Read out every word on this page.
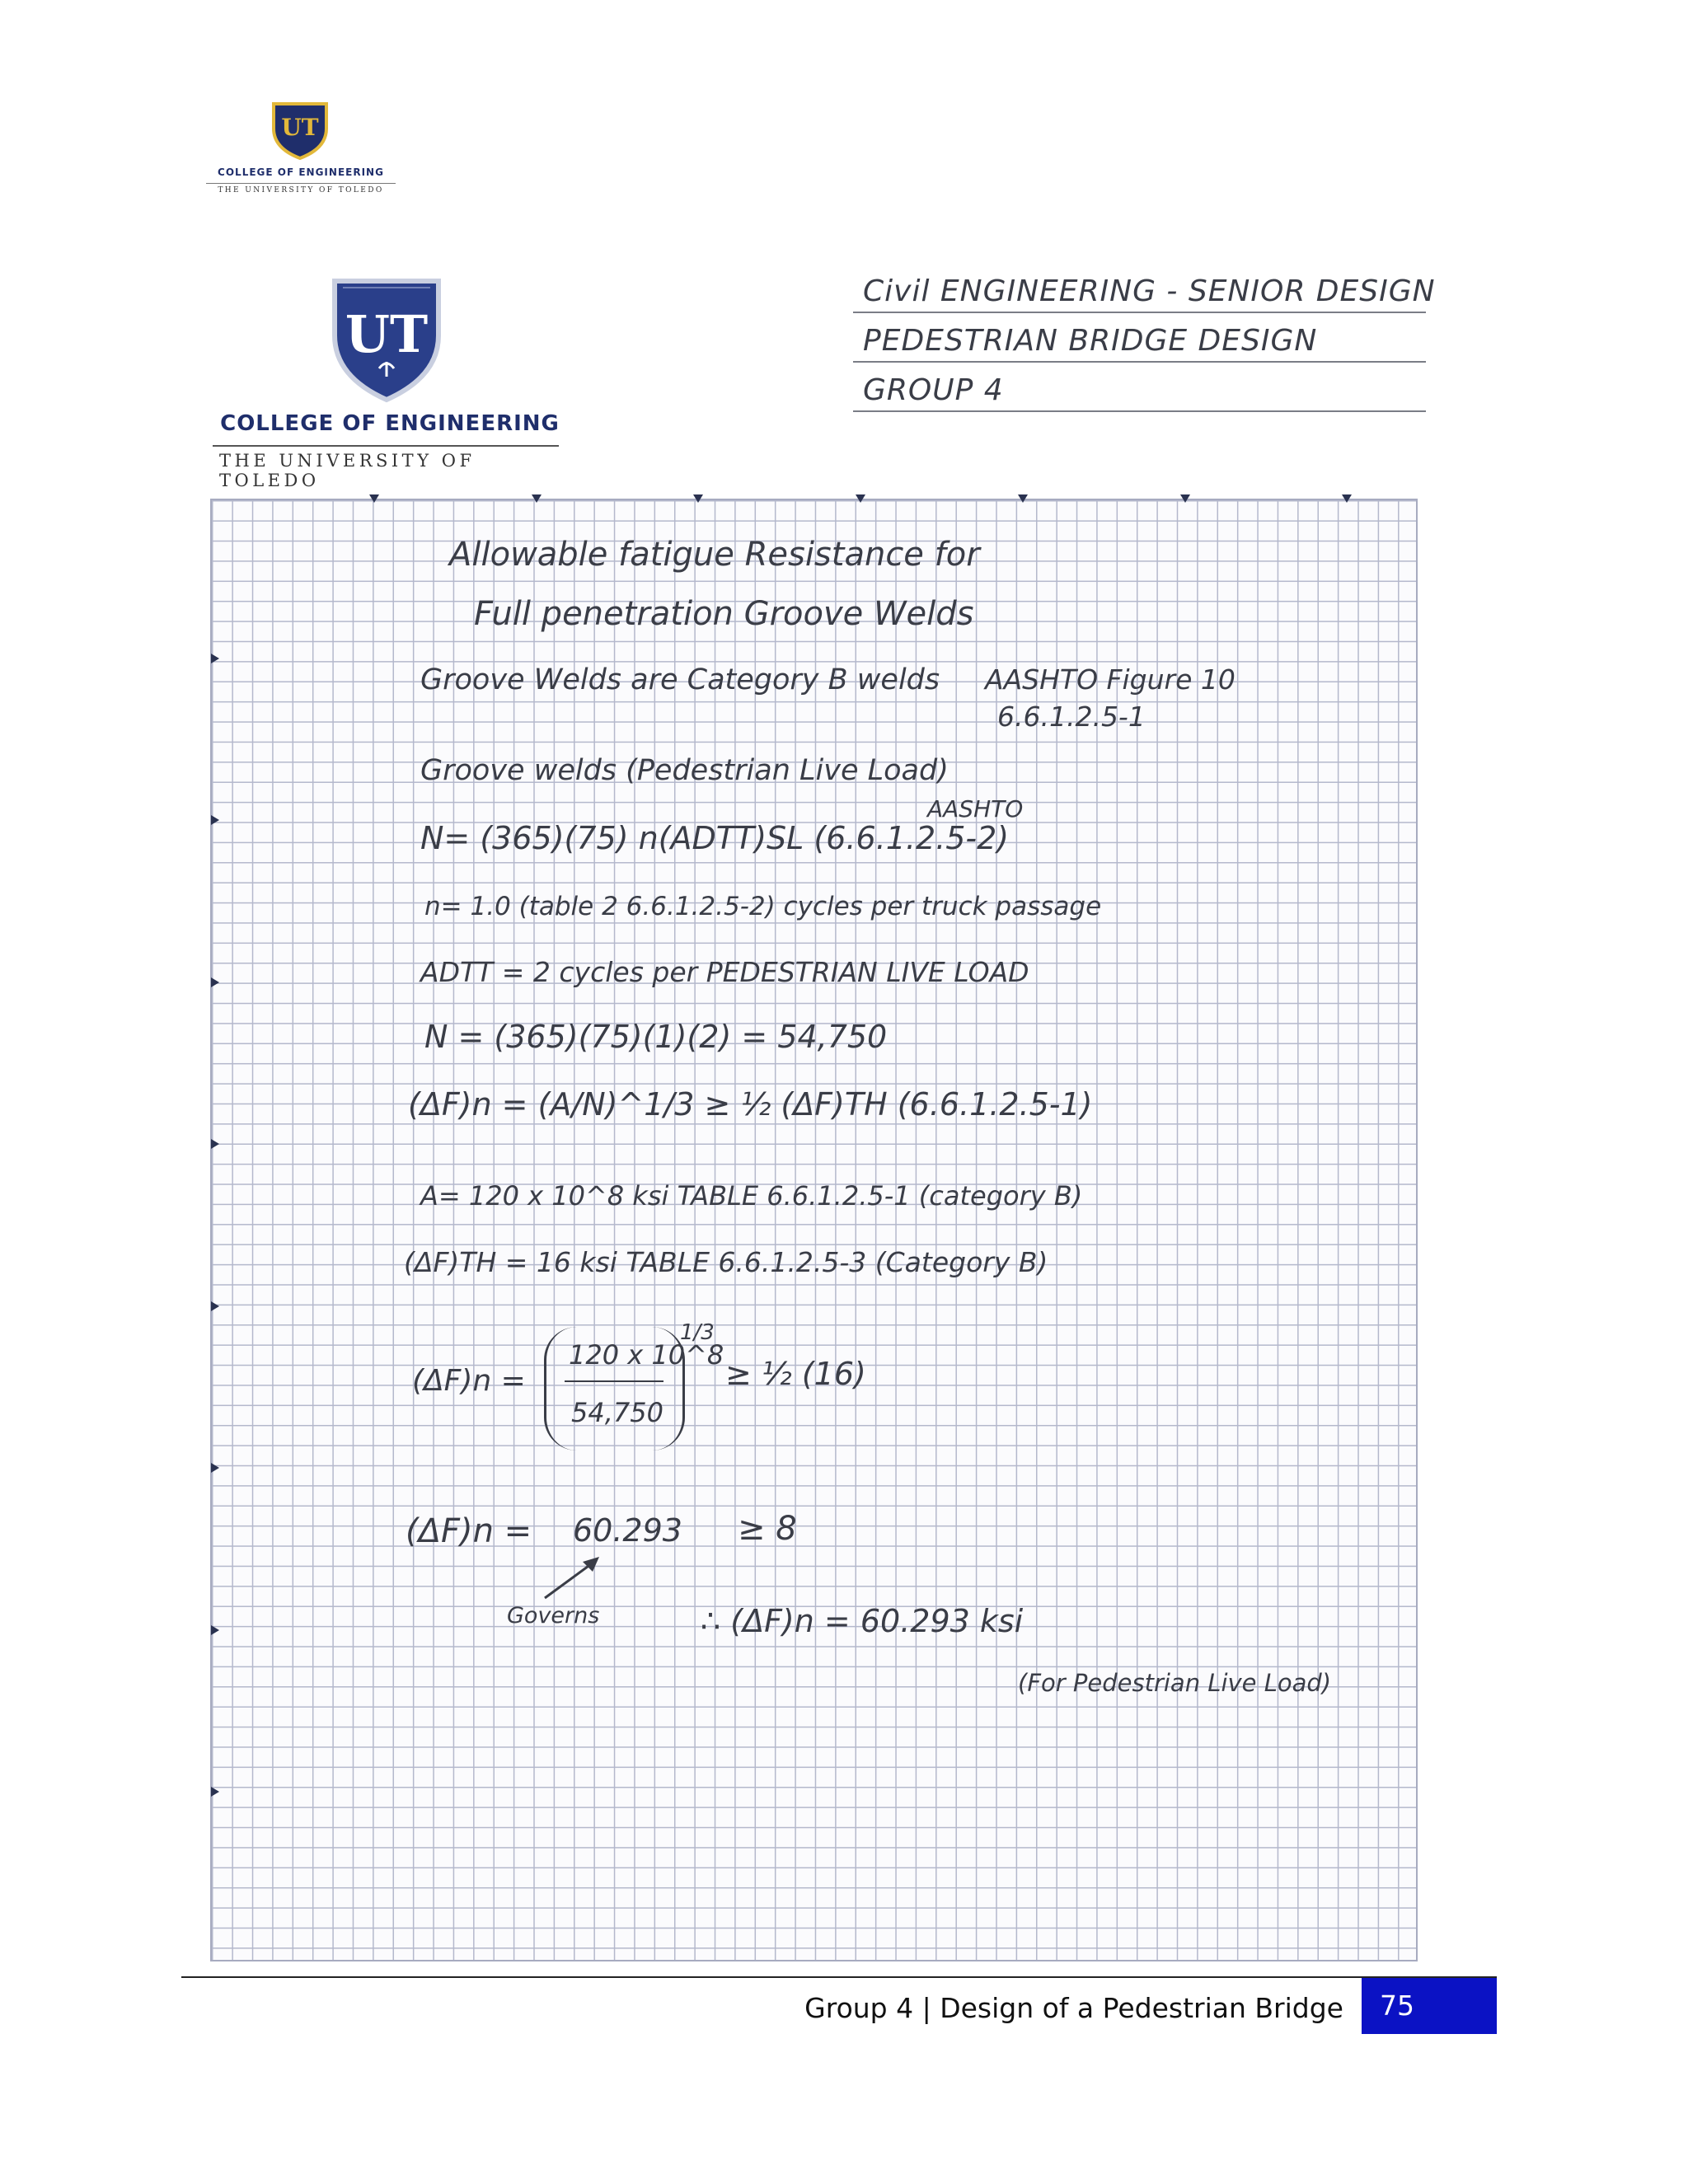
UT
COLLEGE OF ENGINEERING
THE UNIVERSITY OF TOLEDO
UT
COLLEGE OF ENGINEERING
THE UNIVERSITY OF TOLEDO
Civil ENGINEERING - SENIOR DESIGN
PEDESTRIAN BRIDGE DESIGN
GROUP 4
Allowable fatigue Resistance for
Full penetration Groove Welds
Groove Welds are Category B welds AASHTO Figure 10
6.6.1.2.5-1
Groove welds (Pedestrian Live Load)
AASHTO
N= (365)(75) n(ADTT)SL (6.6.1.2.5-2)
n= 1.0 (table 2 6.6.1.2.5-2) cycles per truck passage
ADTT = 2 cycles per PEDESTRIAN LIVE LOAD
N = (365)(75)(1)(2) = 54,750
(ΔF)n = (A/N)^1/3 ≥ ½ (ΔF)TH (6.6.1.2.5-1)
A= 120 x 10^8 ksi TABLE 6.6.1.2.5-1 (category B)
(ΔF)TH = 16 ksi TABLE 6.6.1.2.5-3 (Category B)
(ΔF)n =
120 x 10^8
54,750
1/3
≥ ½ (16)
(ΔF)n = 60.293 ≥ 8
Governs	∴ (ΔF)n = 60.293 ksi
(For Pedestrian Live Load)
Group 4 | Design of a Pedestrian Bridge	75
